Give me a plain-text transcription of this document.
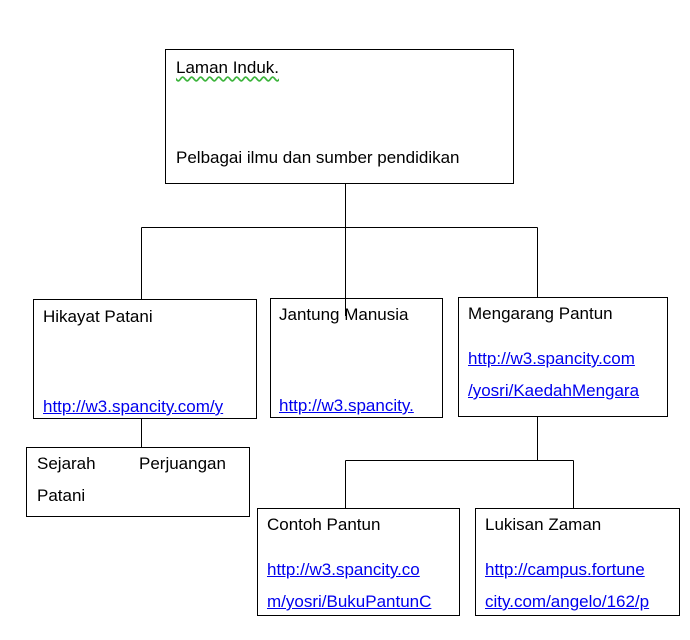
Laman Induk.
Pelbagai ilmu dan sumber pendidikan
Hikayat Patani
http://w3.spancity.com/y
Jantung Manusia
http://w3.spancity.
Mengarang Pantun
http://w3.spancity.com
/yosri/KaedahMengara
Sejarah	Perjuangan
Patani
Contoh Pantun
http://w3.spancity.co
m/yosri/BukuPantunC
Lukisan Zaman
http://campus.fortune
city.com/angelo/162/p
